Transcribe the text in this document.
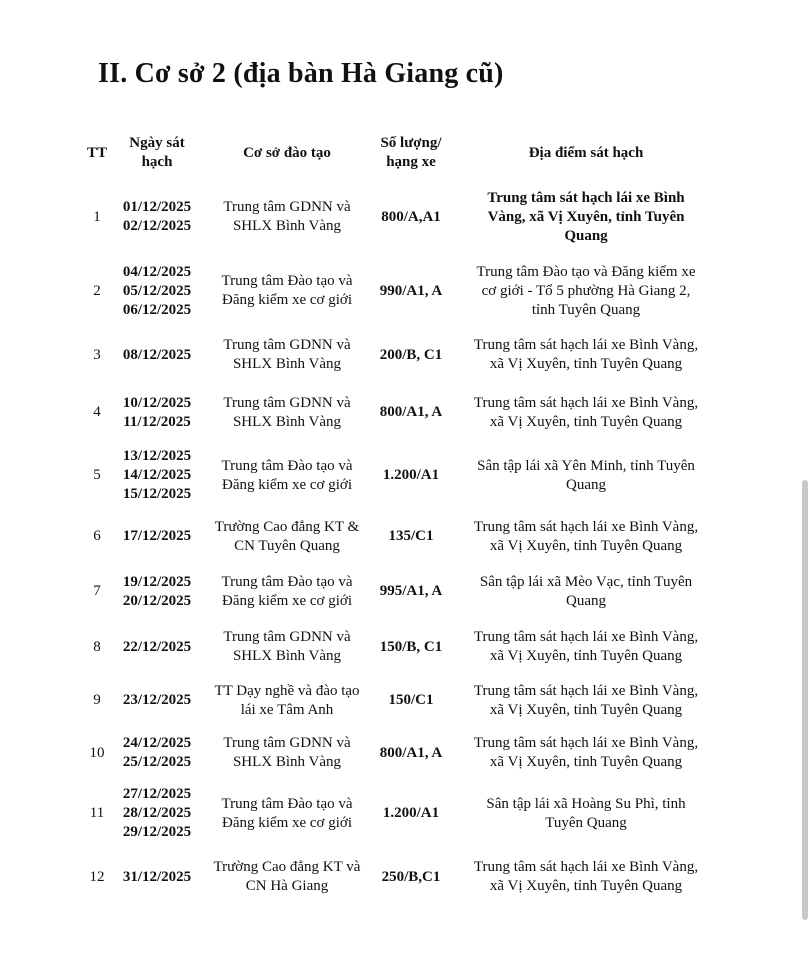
II. Cơ sở 2 (địa bàn Hà Giang cũ)
TT	Ngày sát
hạch	Cơ sở đào tạo	Số lượng/
hạng xe	Địa điểm sát hạch
1	01/12/2025
02/12/2025	Trung tâm GDNN và
SHLX Bình Vàng	800/A,A1	Trung tâm sát hạch lái xe Bình
Vàng, xã Vị Xuyên, tỉnh Tuyên
Quang

2	04/12/2025
05/12/2025
06/12/2025	Trung tâm Đào tạo và
Đăng kiểm xe cơ giới	990/A1, A	Trung tâm Đào tạo và Đăng kiểm xe
cơ giới - Tổ 5 phường Hà Giang 2,
tỉnh Tuyên Quang

3	08/12/2025	Trung tâm GDNN và
SHLX Bình Vàng	200/B, C1	Trung tâm sát hạch lái xe Bình Vàng,
xã Vị Xuyên, tỉnh Tuyên Quang

4	10/12/2025
11/12/2025	Trung tâm GDNN và
SHLX Bình Vàng	800/A1, A	Trung tâm sát hạch lái xe Bình Vàng,
xã Vị Xuyên, tỉnh Tuyên Quang

5	13/12/2025
14/12/2025
15/12/2025	Trung tâm Đào tạo và
Đăng kiểm xe cơ giới	1.200/A1	Sân tập lái xã Yên Minh, tỉnh Tuyên
Quang

6	17/12/2025	Trường Cao đẳng KT &
CN Tuyên Quang	135/C1	Trung tâm sát hạch lái xe Bình Vàng,
xã Vị Xuyên, tỉnh Tuyên Quang

7	19/12/2025
20/12/2025	Trung tâm Đào tạo và
Đăng kiểm xe cơ giới	995/A1, A	Sân tập lái xã Mèo Vạc, tỉnh Tuyên
Quang

8	22/12/2025	Trung tâm GDNN và
SHLX Bình Vàng	150/B, C1	Trung tâm sát hạch lái xe Bình Vàng,
xã Vị Xuyên, tỉnh Tuyên Quang

9	23/12/2025	TT Dạy nghề và đào tạo
lái xe Tâm Anh	150/C1	Trung tâm sát hạch lái xe Bình Vàng,
xã Vị Xuyên, tỉnh Tuyên Quang

10	24/12/2025
25/12/2025	Trung tâm GDNN và
SHLX Bình Vàng	800/A1, A	Trung tâm sát hạch lái xe Bình Vàng,
xã Vị Xuyên, tỉnh Tuyên Quang

11	27/12/2025
28/12/2025
29/12/2025	Trung tâm Đào tạo và
Đăng kiểm xe cơ giới	1.200/A1	Sân tập lái xã Hoàng Su Phì, tỉnh
Tuyên Quang

12	31/12/2025	Trường Cao đẳng KT và
CN Hà Giang	250/B,C1	Trung tâm sát hạch lái xe Bình Vàng,
xã Vị Xuyên, tỉnh Tuyên Quang
